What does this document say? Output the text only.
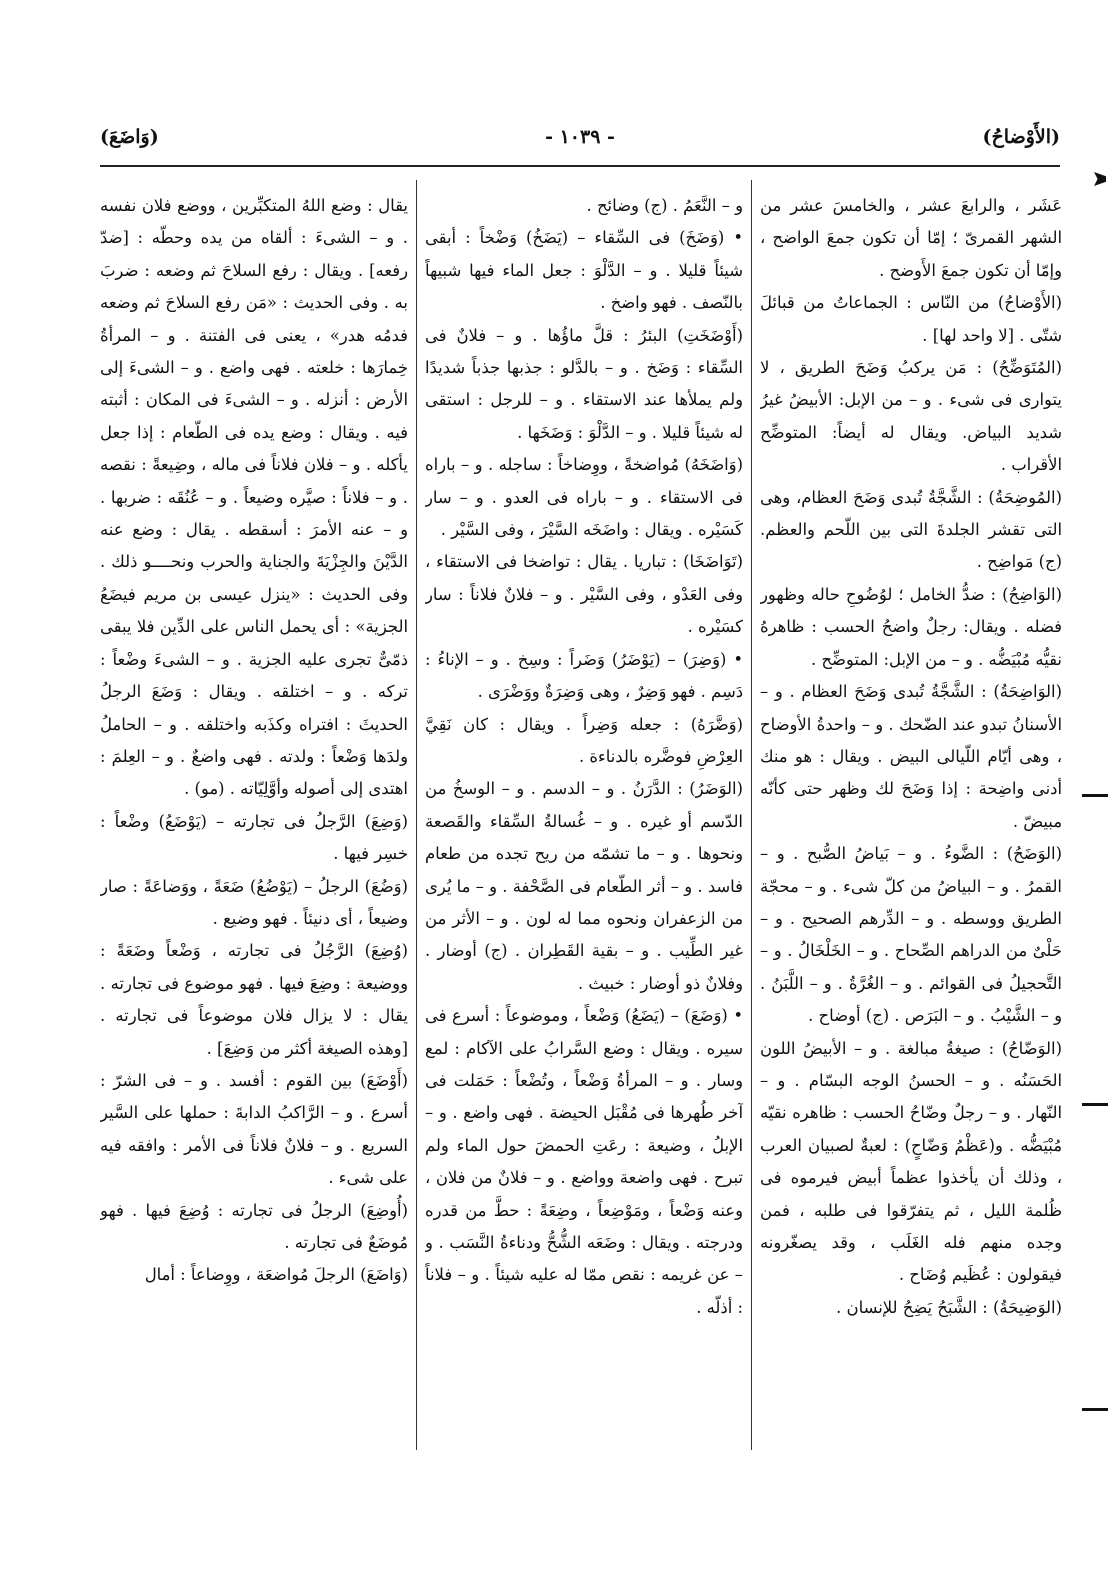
(الأَوْضاحُ)
- ١٠٣٩ -
(وَاضَعَ)

عَشَر ، والرابعَ عشر ، والخامسَ عشر من الشهر القمرىّ ؛ إمّا أن تكون جمعَ الواضح ، وإمّا أن تكون جمعَ الأَوضح .

(الأَوْضاحُ) من النّاس : الجماعاتُ من قبائلَ شتّى . [لا واحد لها] .

(المُتَوَضِّحُ) : مَن يركبُ وَضَحَ الطريق ، لا يتوارى فى شىء . و – من الإبل: الأبيضُ غيرُ شديد البياض. ويقال له أيضاً: المتوضِّح الأقراب .

(المُوضِحَةُ) : الشَّجَّةُ تُبدى وَضَحَ العظام، وهى التى تقشر الجلدةَ التى بين اللّحم والعظم. (ج) مَواضِح .

(الوَاضِحُ) : ضدُّ الخامل ؛ لوُضُوحِ حاله وظهور فضله . ويقال: رجلٌ واضحُ الحسب : ظاهرهُ نقيُّه مُبْيَضُّه . و – من الإبل: المتوضِّح .

(الوَاضِحَةُ) : الشَّجَّةُ تُبدى وَضَحَ العظام . و – الأسنانُ تبدو عند الضّحك . و – واحدةُ الأوضاح ، وهى أيّام اللّيالى البيض . ويقال : هو منك أدنى واضِحة : إذا وَضَحَ لك وظهر حتى كأنّه مبيضّ .

(الوَضَحُ) : الضَّوءُ . و – بَياضُ الصُّبح . و – القمرُ . و – البياضُ من كلّ شىء . و – محجّة الطريق ووسطه . و – الدِّرهم الصحيح . و – حَلْىٌ من الدراهم الصِّحاح . و – الخَلْخَالُ . و – التَّحجيلُ فى القوائم . و – الغُرَّةُ . و – اللَّبَنُ . و – الشَّيْبُ . و – البَرَص . (ج) أوضاح .

(الوَضّاحُ) : صيغةُ مبالغة . و – الأبيضُ اللون الحَسَنُه . و – الحسنُ الوجه البسّام . و – النّهار . و – رجلٌ وضّاحُ الحسب : ظاهره نقيّه مُبْيَضُّه . و(عَظْمُ وَضّاحٍ) : لعبةٌ لصبيان العرب ، وذلك أن يأخذوا عظماً أبيض فيرموه فى ظُلمة الليل ، ثم يتفرّقوا فى طلبه ، فمن وجده منهم فله الغَلَب ، وقد يصغّرونه فيقولون : عُظَيم وُضَاح .

(الوَضِيحَةُ) : الشَّبَحُ يَضِحُ للإنسان .

و – النَّعَمُ . (ج) وضائح .

• (وَضَخَ) فى السِّقاء – (يَضَخُ) وَضْخاً : أبقى شيئاً قليلا . و – الدَّلْوَ : جعل الماء فيها شبيهاً بالنّصف . فهو واضخ .

(أَوْضَخَتِ) البئرُ : قلَّ ماؤُها . و – فلانٌ فى السِّقاء : وَضَخ . و – بالدَّلو : جذبها جذباً شديدًا ولم يملأها عند الاستقاء . و – للرجل : استقى له شيئاً قليلا . و – الدَّلْوَ : وَضَخَها .

(وَاضَخَهُ) مُواضخةً ، ووِضاخاً : ساجله . و – باراه فى الاستقاء . و – باراه فى العدو . و – سار كَسَيْره . ويقال : واضَخَه السَّيْرَ ، وفى السَّيْر .

(تَوَاضَخَا) : تباريا . يقال : تواضخا فى الاستقاء ، وفى العَدْو ، وفى السَّيْر . و – فلانٌ فلاناً : سار كسَيْره .

• (وَضِرَ) – (يَوْضَرُ) وَضَراً : وسِخ . و – الإناءُ : دَسِم . فهو وَضِرٌ ، وهى وَضِرَةٌ ووَضْرَى .

(وَضَّرَهُ) : جعله وَضِراً . ويقال : كان نَقِيَّ العِرْضِ فوضَّره بالدناءة .

(الوَضَرُ) : الدَّرَنُ . و – الدسم . و – الوسخُ من الدّسم أو غيره . و – غُسالةُ السِّقاء والقَصعة ونحوها . و – ما تشمّه من ريح تجده من طعام فاسد . و – أثر الطّعام فى الصَّحْفة . و – ما يُرى من الزعفران ونحوه مما له لون . و – الأثر من غير الطِّيب . و – بقية القَطِران . (ج) أوضار . وفلانٌ ذو أوضار : خبيث .

• (وَضَعَ) – (يَضَعُ) وَضْعاً ، وموضوعاً : أسرع فى سيره . ويقال : وضع السَّرابُ على الآكام : لمع وسار . و – المرأةُ وَضْعاً ، وتُضْعاً : حَمَلت فى آخر طُهرها فى مُقْبَل الحيضة . فهى واضع . و – الإبلُ ، وضيعة : رعَتِ الحمضَ حول الماء ولم تبرح . فهى واضعة وواضع . و – فلانٌ من فلان ، وعنه وَضْعاً ، ومَوْضِعاً ، وضِعَةً : حطَّ من قدره ودرجته . ويقال : وضَعَه الشُّحُّ ودناءةُ النَّسَب . و – عن غريمه : نقص ممّا له عليه شيئاً . و – فلاناً : أذلّه .

يقال : وضع اللهُ المتكبِّرين ، ووضع فلان نفسه . و – الشىءَ : ألقاه من يده وحطّه : [ضدّ رفعه] . ويقال : رفع السلاحَ ثم وضعه : ضربَ به . وفى الحديث : «مَن رفع السلاحَ ثم وضعه فدمُه هدر» ، يعنى فى الفتنة . و – المرأةُ خِمارَها : خلعته . فهى واضع . و – الشىءَ إلى الأرض : أنزله . و – الشىءَ فى المكان : أثبته فيه . ويقال : وضع يده فى الطّعام : إذا جعل يأكله . و – فلان فلاناً فى ماله ، وضِيعةً : نقصه . و – فلاناً : صيَّره وضيعاً . و – عُنُقَه : ضربها . و – عنه الأمرَ : أسقطه . يقال : وضع عنه الدَّيْنَ والجِزْيَةَ والجناية والحرب ونحــــو ذلك . وفى الحديث : «ينزل عيسى بن مريم فيضَعُ الجزية» : أى يحمل الناس على الدِّين فلا يبقى ذمّىٌّ تجرى عليه الجزية . و – الشىءَ وضْعاً : تركه . و – اختلقه . ويقال : وَضَعَ الرجلُ الحديثَ : افتراه وكذَبه واختلقه . و – الحاملُ ولدَها وَضْعاً : ولدته . فهى واضعٌ . و – العِلمَ : اهتدى إلى أصوله وأوَّلِيّاته . (مو) .

(وَضِعَ) الرَّجلُ فى تجارته – (يَوْضَعُ) وضْعاً : خسِر فيها .

(وَضُعَ) الرجلُ – (يَوْضُعُ) ضَعَةً ، ووَضاعَةً : صار وضيعاً ، أى دنيئاً . فهو وضيع .

(وُضِعَ) الرَّجُلُ فى تجارته ، وَضْعاً وضَعَةً : ووضيعة : وضِعَ فيها . فهو موضوع فى تجارته . يقال : لا يزال فلان موضوعاً فى تجارته . [وهذه الصيغة أكثر من وَضِعَ] .

(أَوْضَعَ) بين القوم : أفسد . و – فى الشرّ : أسرع . و – الرَّاكبُ الدابةَ : حملها على السَّير السريع . و – فلانٌ فلاناً فى الأمر : وافقه فيه على شىء .

(أُوضِعَ) الرجلُ فى تجارته : وُضِعَ فيها . فهو مُوضَعٌ فى تجارته .

(وَاضَعَ) الرجلَ مُواضعَة ، ووِضاعاً : أمال
